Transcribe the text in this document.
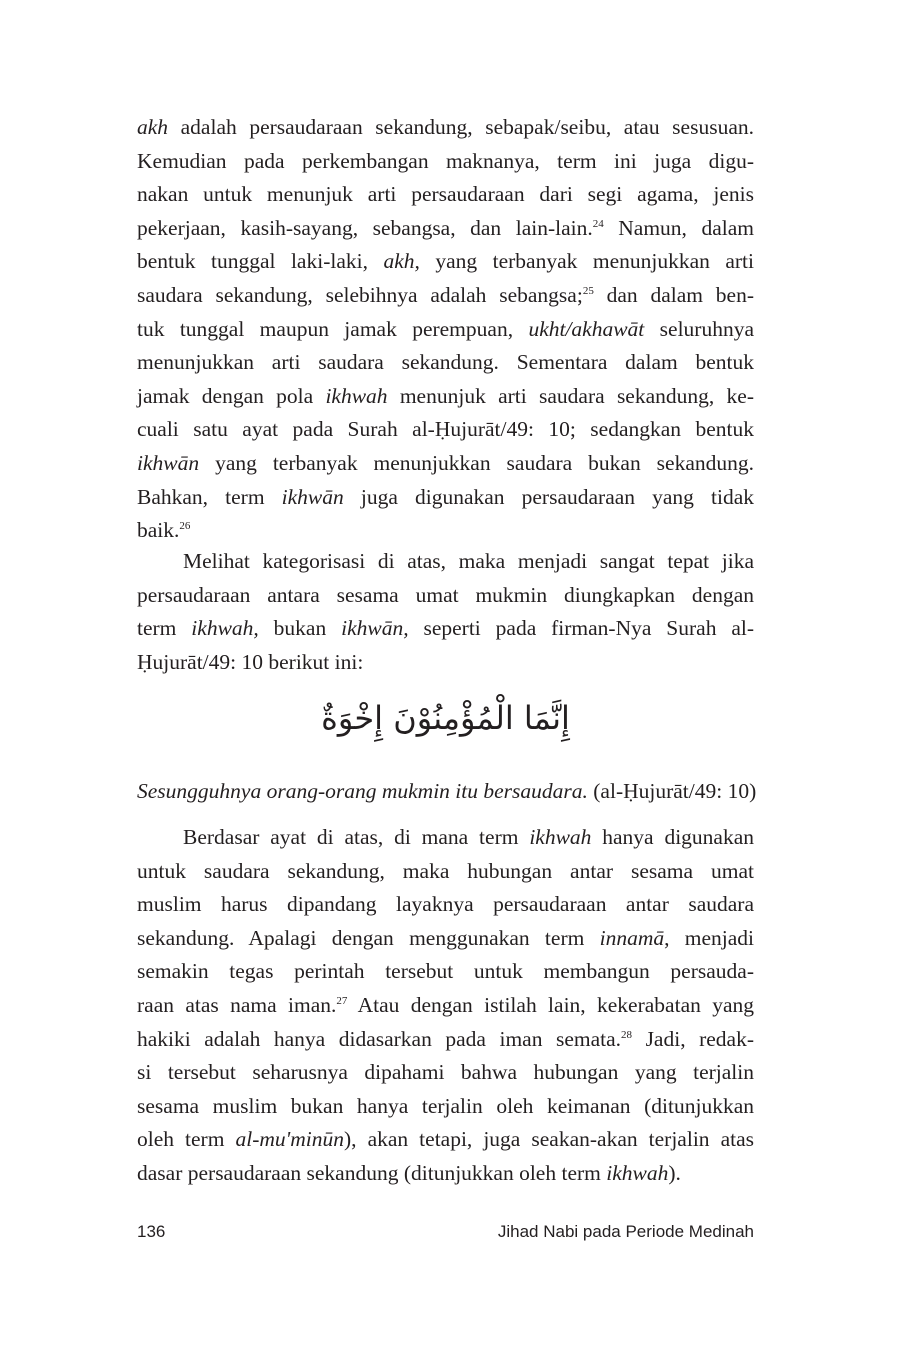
akh adalah persaudaraan sekandung, sebapak/seibu, atau sesusuan.
Kemudian pada perkembangan maknanya, term ini juga digu-
nakan untuk menunjuk arti persaudaraan dari segi agama, jenis
pekerjaan, kasih-sayang, sebangsa, dan lain-lain.$^{24}$ Namun, dalam
bentuk tunggal laki-laki, akh, yang terbanyak menunjukkan arti
saudara sekandung, selebihnya adalah sebangsa;$^{25}$ dan dalam ben-
tuk tunggal maupun jamak perempuan, ukht/akhawāt seluruhnya
menunjukkan arti saudara sekandung. Sementara dalam bentuk
jamak dengan pola ikhwah menunjuk arti saudara sekandung, ke-
cuali satu ayat pada Surah al-Ḥujurāt/49: 10; sedangkan bentuk
ikhwān yang terbanyak menunjukkan saudara bukan sekandung.
Bahkan, term ikhwān juga digunakan persaudaraan yang tidak
baik.$^{26}$
Melihat kategorisasi di atas, maka menjadi sangat tepat jika
persaudaraan antara sesama umat mukmin diungkapkan dengan
term ikhwah, bukan ikhwān, seperti pada firman-Nya Surah al-
Ḥujurāt/49: 10 berikut ini:
إِنَّمَا الْمُؤْمِنُوْنَ إِخْوَةٌ
Sesungguhnya orang-orang mukmin itu bersaudara. (al-Ḥujurāt/49: 10)
Berdasar ayat di atas, di mana term ikhwah hanya digunakan
untuk saudara sekandung, maka hubungan antar sesama umat
muslim harus dipandang layaknya persaudaraan antar saudara
sekandung. Apalagi dengan menggunakan term innamā, menjadi
semakin tegas perintah tersebut untuk membangun persauda-
raan atas nama iman.$^{27}$ Atau dengan istilah lain, kekerabatan yang
hakiki adalah hanya didasarkan pada iman semata.$^{28}$ Jadi, redak-
si tersebut seharusnya dipahami bahwa hubungan yang terjalin
sesama muslim bukan hanya terjalin oleh keimanan (ditunjukkan
oleh term al-mu'minūn), akan tetapi, juga seakan-akan terjalin atas
dasar persaudaraan sekandung (ditunjukkan oleh term ikhwah).
136	Jihad Nabi pada Periode Medinah
